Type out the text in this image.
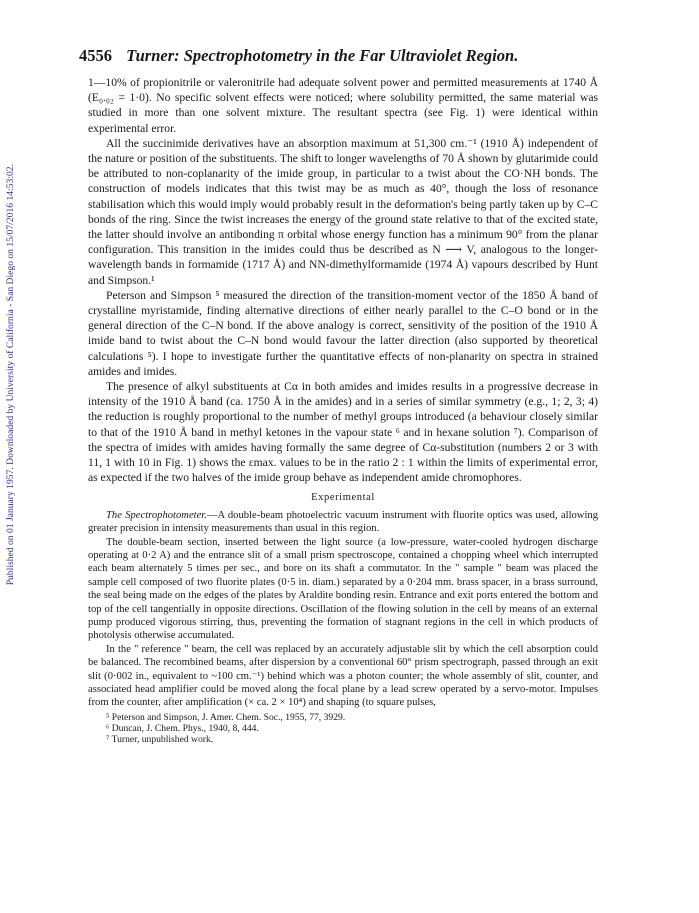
Published on 01 January 1957. Downloaded by University of California - San Diego on 15/07/2016 14:53:02.
4556 Turner: Spectrophotometry in the Far Ultraviolet Region.

1—10% of propionitrile or valeronitrile had adequate solvent power and permitted measurements at 1740 Å (E₀.₀₂ = 1·0). No specific solvent effects were noticed; where solubility permitted, the same material was studied in more than one solvent mixture. The resultant spectra (see Fig. 1) were identical within experimental error.

All the succinimide derivatives have an absorption maximum at 51,300 cm.⁻¹ (1910 Å) independent of the nature or position of the substituents. The shift to longer wavelengths of 70 Å shown by glutarimide could be attributed to non-coplanarity of the imide group, in particular to a twist about the CO·NH bonds. The construction of models indicates that this twist may be as much as 40°, though the loss of resonance stabilisation which this would imply would probably result in the deformation's being partly taken up by C–C bonds of the ring. Since the twist increases the energy of the ground state relative to that of the excited state, the latter should involve an antibonding π orbital whose energy function has a minimum 90° from the planar configuration. This transition in the imides could thus be described as N ⟶ V, analogous to the longer-wavelength bands in formamide (1717 Å) and NN-dimethylformamide (1974 Å) vapours described by Hunt and Simpson.¹

Peterson and Simpson ⁵ measured the direction of the transition-moment vector of the 1850 Å band of crystalline myristamide, finding alternative directions of either nearly parallel to the C–O bond or in the general direction of the C–N bond. If the above analogy is correct, sensitivity of the position of the 1910 Å imide band to twist about the C–N bond would favour the latter direction (also supported by theoretical calculations ⁵). I hope to investigate further the quantitative effects of non-planarity on spectra in strained amides and imides.

The presence of alkyl substituents at Cα in both amides and imides results in a progressive decrease in intensity of the 1910 Å band (ca. 1750 Å in the amides) and in a series of similar symmetry (e.g., 1; 2, 3; 4) the reduction is roughly proportional to the number of methyl groups introduced (a behaviour closely similar to that of the 1910 Å band in methyl ketones in the vapour state ⁶ and in hexane solution ⁷). Comparison of the spectra of imides with amides having formally the same degree of Cα-substitution (numbers 2 or 3 with 11, 1 with 10 in Fig. 1) shows the εmax. values to be in the ratio 2 : 1 within the limits of experimental error, as expected if the two halves of the imide group behave as independent amide chromophores.

Experimental

The Spectrophotometer.—A double-beam photoelectric vacuum instrument with fluorite optics was used, allowing greater precision in intensity measurements than usual in this region.

The double-beam section, inserted between the light source (a low-pressure, water-cooled hydrogen discharge operating at 0·2 A) and the entrance slit of a small prism spectroscope, contained a chopping wheel which interrupted each beam alternately 5 times per sec., and bore on its shaft a commutator. In the " sample " beam was placed the sample cell composed of two fluorite plates (0·5 in. diam.) separated by a 0·204 mm. brass spacer, in a brass surround, the seal being made on the edges of the plates by Araldite bonding resin. Entrance and exit ports entered the bottom and top of the cell tangentially in opposite directions. Oscillation of the flowing solution in the cell by means of an external pump produced vigorous stirring, thus, preventing the formation of stagnant regions in the cell in which products of photolysis otherwise accumulated.

In the " reference " beam, the cell was replaced by an accurately adjustable slit by which the cell absorption could be balanced. The recombined beams, after dispersion by a conventional 60° prism spectrograph, passed through an exit slit (0·002 in., equivalent to ~100 cm.⁻¹) behind which was a photon counter; the whole assembly of slit, counter, and associated head amplifier could be moved along the focal plane by a lead screw operated by a servo-motor. Impulses from the counter, after amplification (× ca. 2 × 10⁴) and shaping (to square pulses,

⁵ Peterson and Simpson, J. Amer. Chem. Soc., 1955, 77, 3929.

⁶ Duncan, J. Chem. Phys., 1940, 8, 444.

⁷ Turner, unpublished work.
